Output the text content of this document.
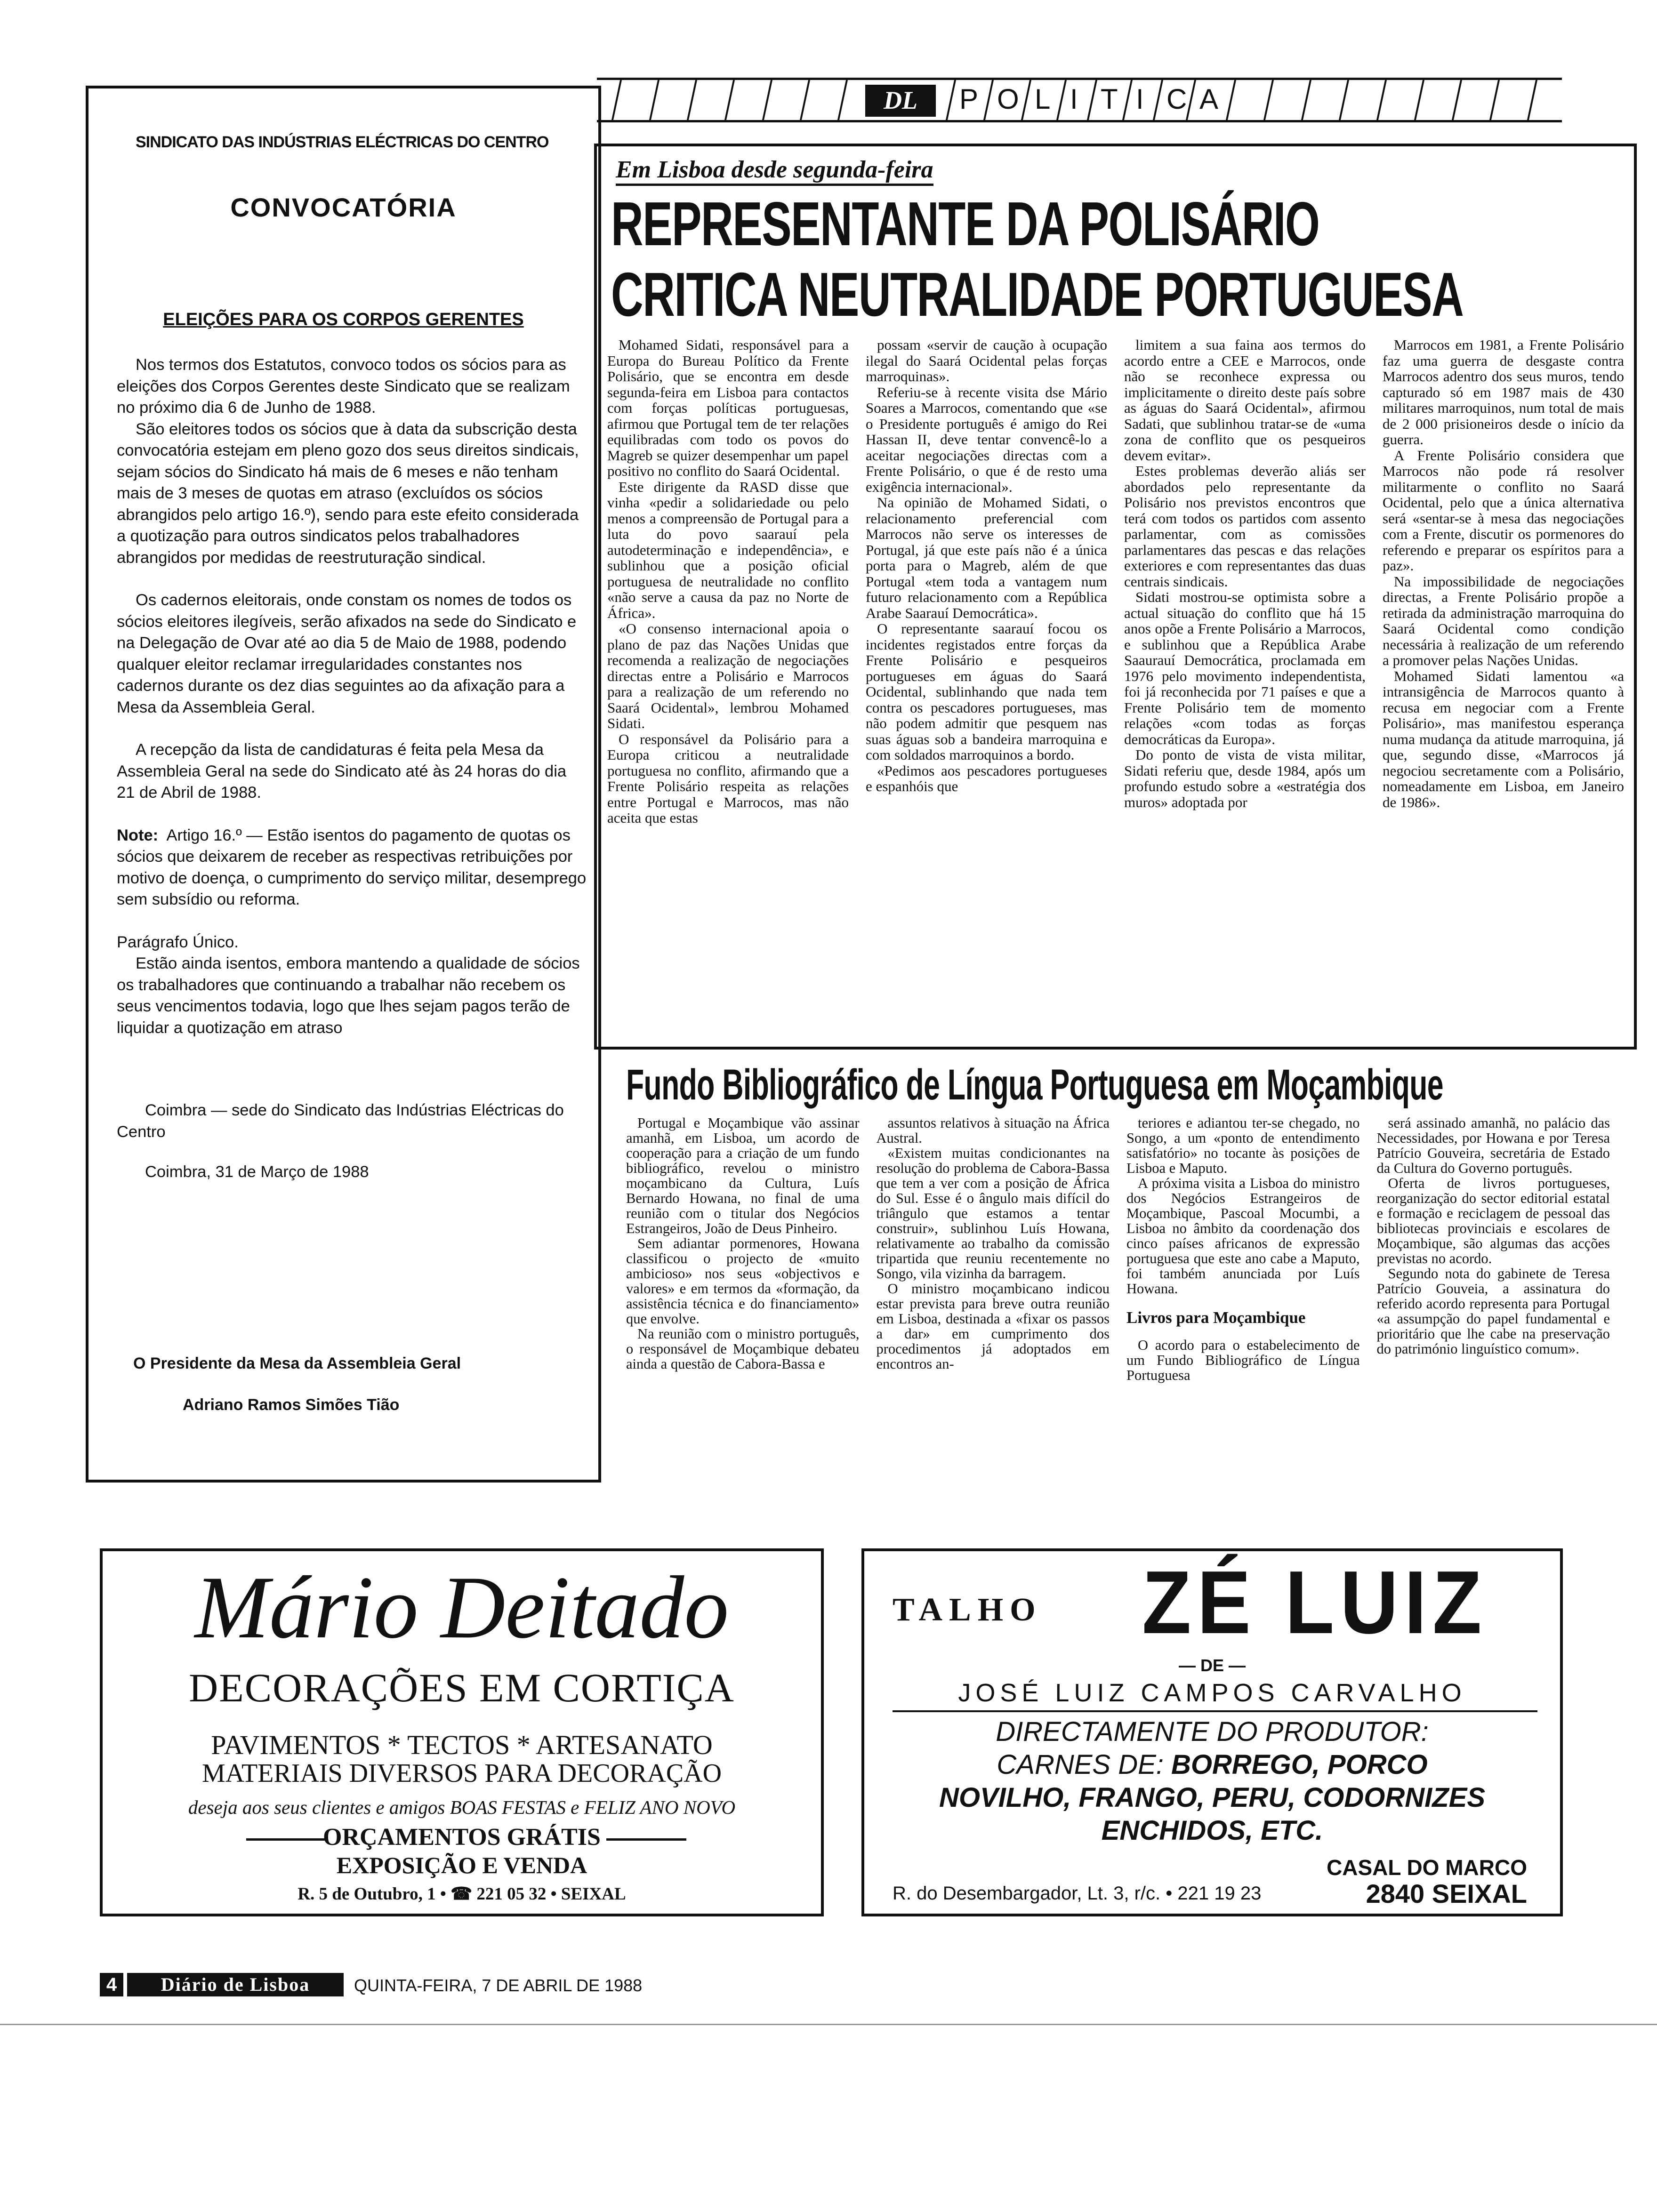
SINDICATO DAS INDÚSTRIAS ELÉCTRICAS DO CENTRO
CONVOCATÓRIA
ELEIÇÕES PARA OS CORPOS GERENTES

Nos termos dos Estatutos, convoco todos os sócios para as eleições dos Corpos Gerentes deste Sindicato que se realizam no próximo dia 6 de Junho de 1988.

São eleitores todos os sócios que à data da subscrição desta convocatória estejam em pleno gozo dos seus direitos sindicais, sejam sócios do Sindicato há mais de 6 meses e não tenham mais de 3 meses de quotas em atraso (excluídos os sócios abrangidos pelo artigo 16.º), sendo para este efeito considerada a quotização para outros sindicatos pelos trabalhadores abrangidos por medidas de reestruturação sindical.

Os cadernos eleitorais, onde constam os nomes de todos os sócios eleitores ilegíveis, serão afixados na sede do Sindicato e na Delegação de Ovar até ao dia 5 de Maio de 1988, podendo qualquer eleitor reclamar irregularidades constantes nos cadernos durante os dez dias seguintes ao da afixação para a Mesa da Assembleia Geral.

A recepção da lista de candidaturas é feita pela Mesa da Assembleia Geral na sede do Sindicato até às 24 horas do dia 21 de Abril de 1988.

Note: Artigo 16.º — Estão isentos do pagamento de quotas os sócios que deixarem de receber as respectivas retribuições por motivo de doença, o cumprimento do serviço militar, desemprego sem subsídio ou reforma.

Parágrafo Único.

Estão ainda isentos, embora mantendo a qualidade de sócios os trabalhadores que continuando a trabalhar não recebem os seus vencimentos todavia, logo que lhes sejam pagos terão de liquidar a quotização em atraso

Coimbra — sede do Sindicato das Indústrias Eléctricas do Centro

Coimbra, 31 de Março de 1988

O Presidente da Mesa da Assembleia Geral
Adriano Ramos Simões Tião
DL	P O L I T I C A
Em Lisboa desde segunda-feira
REPRESENTANTE DA POLISÁRIO
CRITICA NEUTRALIDADE PORTUGUESA

Mohamed Sidati, responsável para a Europa do Bureau Político da Frente Polisário, que se encontra em desde segunda-feira em Lisboa para contactos com forças políticas portuguesas, afirmou que Portugal tem de ter relações equilibradas com todo os povos do Magreb se quizer desempenhar um papel positivo no conflito do Saará Ocidental.

Este dirigente da RASD disse que vinha «pedir a solidariedade ou pelo menos a compreensão de Portugal para a luta do povo saarauí pela autodeterminação e independência», e sublinhou que a posição oficial portuguesa de neutralidade no conflito «não serve a causa da paz no Norte de África».

«O consenso internacional apoia o plano de paz das Nações Unidas que recomenda a realização de negociações directas entre a Polisário e Marrocos para a realização de um referendo no Saará Ocidental», lembrou Mohamed Sidati.

O responsável da Polisário para a Europa criticou a neutralidade portuguesa no conflito, afirmando que a Frente Polisário respeita as relações entre Portugal e Marrocos, mas não aceita que estas

possam «servir de caução à ocupação ilegal do Saará Ocidental pelas forças marroquinas».

Referiu-se à recente visita dse Mário Soares a Marrocos, comentando que «se o Presidente português é amigo do Rei Hassan II, deve tentar convencê-lo a aceitar negociações directas com a Frente Polisário, o que é de resto uma exigência internacional».

Na opinião de Mohamed Sidati, o relacionamento preferencial com Marrocos não serve os interesses de Portugal, já que este país não é a única porta para o Magreb, além de que Portugal «tem toda a vantagem num futuro relacionamento com a República Arabe Saarauí Democrática».

O representante saarauí focou os incidentes registados entre forças da Frente Polisário e pesqueiros portugueses em águas do Saará Ocidental, sublinhando que nada tem contra os pescadores portugueses, mas não podem admitir que pesquem nas suas águas sob a bandeira marroquina e com soldados marroquinos a bordo.

«Pedimos aos pescadores portugueses e espanhóis que

limitem a sua faina aos termos do acordo entre a CEE e Marrocos, onde não se reconhece expressa ou implicitamente o direito deste país sobre as águas do Saará Ocidental», afirmou Sadati, que sublinhou tratar-se de «uma zona de conflito que os pesqueiros devem evitar».

Estes problemas deverão aliás ser abordados pelo representante da Polisário nos previstos encontros que terá com todos os partidos com assento parlamentar, com as comissões parlamentares das pescas e das relações exteriores e com representantes das duas centrais sindicais.

Sidati mostrou-se optimista sobre a actual situação do conflito que há 15 anos opõe a Frente Polisário a Marrocos, e sublinhou que a República Arabe Saaurauí Democrática, proclamada em 1976 pelo movimento independentista, foi já reconhecida por 71 países e que a Frente Polisário tem de momento relações «com todas as forças democráticas da Europa».

Do ponto de vista de vista militar, Sidati referiu que, desde 1984, após um profundo estudo sobre a «estratégia dos muros» adoptada por

Marrocos em 1981, a Frente Polisário faz uma guerra de desgaste contra Marrocos adentro dos seus muros, tendo capturado só em 1987 mais de 430 militares marroquinos, num total de mais de 2 000 prisioneiros desde o início da guerra.

A Frente Polisário considera que Marrocos não pode rá resolver militarmente o conflito no Saará Ocidental, pelo que a única alternativa será «sentar-se à mesa das negociações com a Frente, discutir os pormenores do referendo e preparar os espíritos para a paz».

Na impossibilidade de negociações directas, a Frente Polisário propõe a retirada da administração marroquina do Saará Ocidental como condição necessária à realização de um referendo a promover pelas Nações Unidas.

Mohamed Sidati lamentou «a intransigência de Marrocos quanto à recusa em negociar com a Frente Polisário», mas manifestou esperança numa mudança da atitude marroquina, já que, segundo disse, «Marrocos já negociou secretamente com a Polisário, nomeadamente em Lisboa, em Janeiro de 1986».

Fundo Bibliográfico de Língua Portuguesa em Moçambique

Portugal e Moçambique vão assinar amanhã, em Lisboa, um acordo de cooperação para a criação de um fundo bibliográfico, revelou o ministro moçambicano da Cultura, Luís Bernardo Howana, no final de uma reunião com o titular dos Negócios Estrangeiros, João de Deus Pinheiro.

Sem adiantar pormenores, Howana classificou o projecto de «muito ambicioso» nos seus «objectivos e valores» e em termos da «formação, da assistência técnica e do financiamento» que envolve.

Na reunião com o ministro português, o responsável de Moçambique debateu ainda a questão de Cabora-Bassa e

assuntos relativos à situação na África Austral.

«Existem muitas condicionantes na resolução do problema de Cabora-Bassa que tem a ver com a posição de África do Sul. Esse é o ângulo mais difícil do triângulo que estamos a tentar construir», sublinhou Luís Howana, relativamente ao trabalho da comissão tripartida que reuniu recentemente no Songo, vila vizinha da barragem.

O ministro moçambicano indicou estar prevista para breve outra reunião em Lisboa, destinada a «fixar os passos a dar» em cumprimento dos procedimentos já adoptados em encontros an-

teriores e adiantou ter-se chegado, no Songo, a um «ponto de entendimento satisfatório» no tocante às posições de Lisboa e Maputo.

A próxima visita a Lisboa do ministro dos Negócios Estrangeiros de Moçambique, Pascoal Mocumbi, a Lisboa no âmbito da coordenação dos cinco países africanos de expressão portuguesa que este ano cabe a Maputo, foi também anunciada por Luís Howana.

Livros para Moçambique

O acordo para o estabelecimento de um Fundo Bibliográfico de Língua Portuguesa

será assinado amanhã, no palácio das Necessidades, por Howana e por Teresa Patrício Gouveira, secretária de Estado da Cultura do Governo português.

Oferta de livros portugueses, reorganização do sector editorial estatal e formação e reciclagem de pessoal das bibliotecas provinciais e escolares de Moçambique, são algumas das acções previstas no acordo.

Segundo nota do gabinete de Teresa Patrício Gouveia, a assinatura do referido acordo representa para Portugal «a assumpção do papel fundamental e prioritário que lhe cabe na preservação do património linguístico comum».

Mário Deitado
DECORAÇÕES EM CORTIÇA
PAVIMENTOS * TECTOS * ARTESANATO
MATERIAIS DIVERSOS PARA DECORAÇÃO
deseja aos seus clientes e amigos BOAS FESTAS e FELIZ ANO NOVO
ORÇAMENTOS GRÁTIS
EXPOSIÇÃO E VENDA
R. 5 de Outubro, 1 • ☎ 221 05 32 • SEIXAL
TALHO ZÉ LUIZ
— DE —
JOSÉ LUIZ CAMPOS CARVALHO
DIRECTAMENTE DO PRODUTOR:
CARNES DE: BORREGO, PORCO
NOVILHO, FRANGO, PERU, CODORNIZES
ENCHIDOS, ETC.
CASAL DO MARCO
R. do Desembargador, Lt. 3, r/c. • 221 19 23	2840 SEIXAL
4	Diário de Lisboa	QUINTA-FEIRA, 7 DE ABRIL DE 1988
